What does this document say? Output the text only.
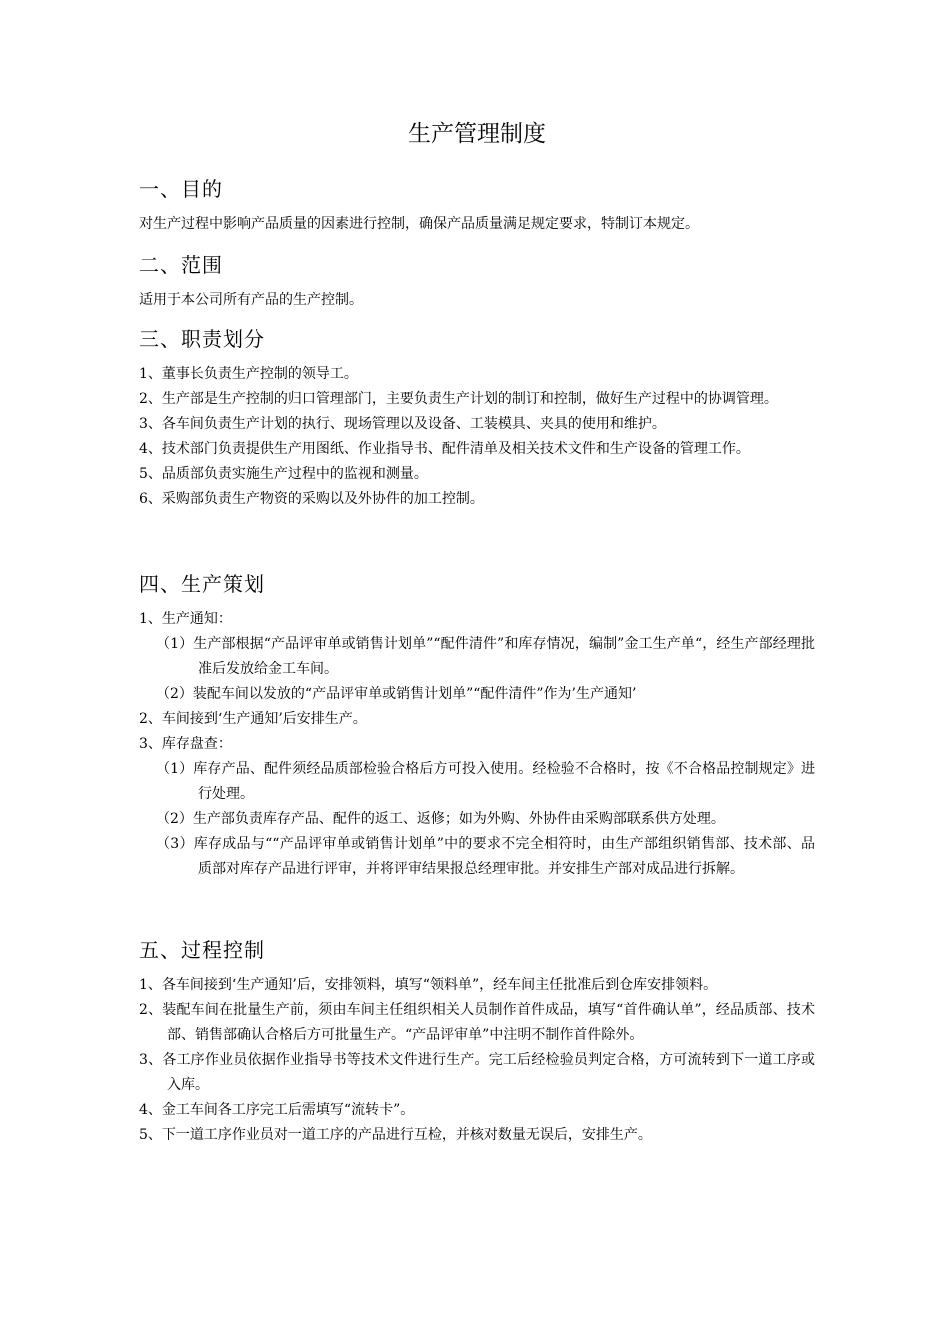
生产管理制度
一、目的

对生产过程中影响产品质量的因素进行控制，确保产品质量满足规定要求，特制订本规定。

二、范围

适用于本公司所有产品的生产控制。

三、职责划分
1、董事长负责生产控制的领导工。
2、生产部是生产控制的归口管理部门，主要负责生产计划的制订和控制，做好生产过程中的协调管理。
3、各车间负责生产计划的执行、现场管理以及设备、工装模具、夹具的使用和维护。
4、技术部门负责提供生产用图纸、作业指导书、配件清单及相关技术文件和生产设备的管理工作。
5、品质部负责实施生产过程中的监视和测量。
6、采购部负责生产物资的采购以及外协件的加工控制。
四、生产策划

1、生产通知：

（1）生产部根据“产品评审单或销售计划单”“配件清件”和库存情况，编制”金工生产单“，经生产部经理批准后发放给金工车间。

（2）装配车间以发放的“产品评审单或销售计划单”“配件清件”作为’生产通知’

2、车间接到‘生产通知’后安排生产。

3、库存盘查：

（1）库存产品、配件须经品质部检验合格后方可投入使用。经检验不合格时，按《不合格品控制规定》进行处理。

（2）生产部负责库存产品、配件的返工、返修；如为外购、外协件由采购部联系供方处理。

（3）库存成品与““产品评审单或销售计划单”中的要求不完全相符时，由生产部组织销售部、技术部、品质部对库存产品进行评审，并将评审结果报总经理审批。并安排生产部对成品进行拆解。

五、过程控制
1、各车间接到‘生产通知’后，安排领料，填写“领料单”，经车间主任批准后到仓库安排领料。
2、装配车间在批量生产前，须由车间主任组织相关人员制作首件成品，填写“首件确认单”，经品质部、技术部、销售部确认合格后方可批量生产。“产品评审单”中注明不制作首件除外。
3、各工序作业员依据作业指导书等技术文件进行生产。完工后经检验员判定合格，方可流转到下一道工序或入库。
4、金工车间各工序完工后需填写“流转卡”。
5、下一道工序作业员对一道工序的产品进行互检，并核对数量无误后，安排生产。
